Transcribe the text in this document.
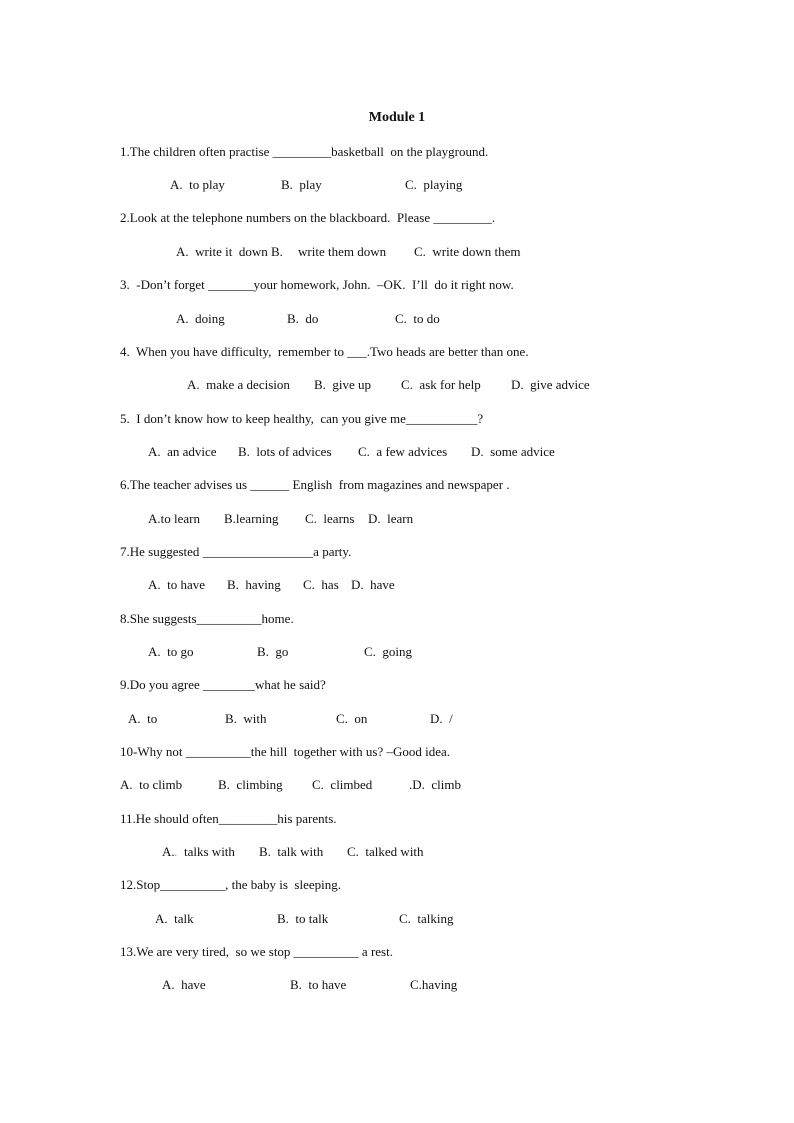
Module 1
1.The children often practise _________basketball  on the playground.
A.  to play	B.  play	C.  playing
2.Look at the telephone numbers on the blackboard.  Please _________.
A.  write it  down B. write them down C.  write down them
3.  -Don’t forget _______your homework, John.  –OK.  I’ll  do it right now.
A.  doing	B.  do	C.  to do
4.  When you have difficulty,  remember to ___.Two heads are better than one.
A.  make a decision B.  give up C.  ask for help D.  give advice
5.  I don’t know how to keep healthy,  can you give me___________?
A.  an advice B.  lots of advices C.  a few advices D.  some advice
6.The teacher advises us ______ English  from magazines and newspaper .
A.to learn B.learning C.  learns D.  learn
7.He suggested _________________a party.
A.  to have B.  having C.  has D.  have
8.She suggests__________home.
A.  to go	B.  go	C.  going
9.Do you agree ________what he said?
A.  to	B.  with	C.  on	D.  /
10-Why not __________the hill  together with us? –Good idea.
A.  to climb	B.  climbing C.  climbed	.D.  climb
11.He should often_________his parents.
A. . talks with B.  talk with C.  talked with
12.Stop__________, the baby is  sleeping.
A.  talk	B.  to talk	C.  talking
13.We are very tired,  so we stop __________ a rest.
A.  have	B.  to have	C.having
